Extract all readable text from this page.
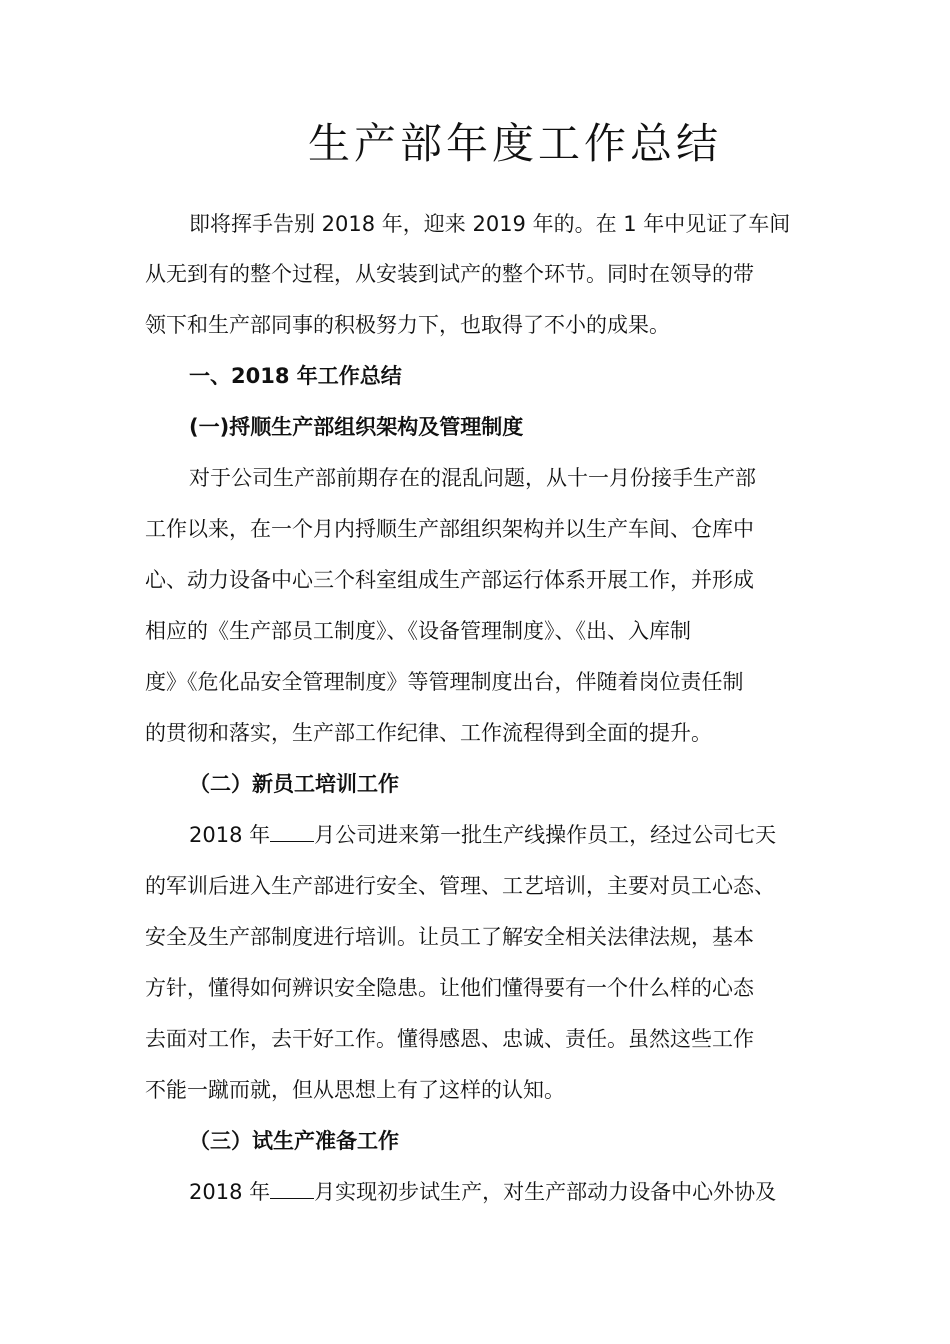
生产部年度工作总结
即将挥手告别 2018 年，迎来 2019 年的。在 1 年中见证了车间
从无到有的整个过程，从安装到试产的整个环节。同时在领导的带
领下和生产部同事的积极努力下，也取得了不小的成果。
一、2018 年工作总结
(一)捋顺生产部组织架构及管理制度
对于公司生产部前期存在的混乱问题，从十一月份接手生产部
工作以来，在一个月内捋顺生产部组织架构并以生产车间、仓库中
心、动力设备中心三个科室组成生产部运行体系开展工作，并形成
相应的《生产部员工制度》、《设备管理制度》、《出、入库制
度》《危化品安全管理制度》等管理制度出台，伴随着岗位责任制
的贯彻和落实，生产部工作纪律、工作流程得到全面的提升。
（二）新员工培训工作
2018 年 月公司进来第一批生产线操作员工，经过公司七天
的军训后进入生产部进行安全、管理、工艺培训，主要对员工心态、
安全及生产部制度进行培训。让员工了解安全相关法律法规，基本
方针，懂得如何辨识安全隐患。让他们懂得要有一个什么样的心态
去面对工作，去干好工作。懂得感恩、忠诚、责任。虽然这些工作
不能一蹴而就，但从思想上有了这样的认知。
（三）试生产准备工作
2018 年 月实现初步试生产，对生产部动力设备中心外协及
